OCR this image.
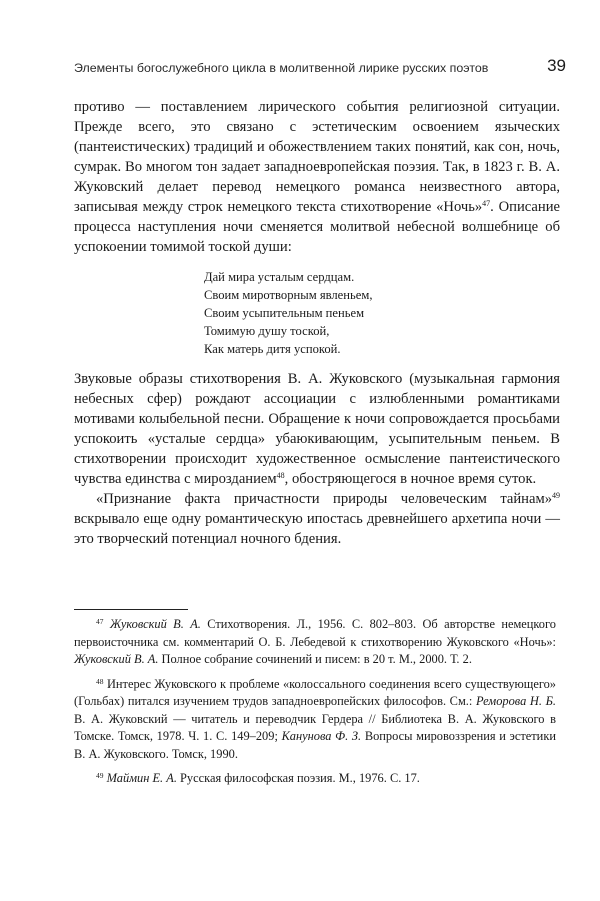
Элементы богослужебного цикла в молитвенной лирике русских поэтов	39

противо — поставлением лирического события религиозной ситуации. Прежде всего, это связано с эстетическим освоением языческих (пантеистических) традиций и обожествлением таких понятий, как сон, ночь, сумрак. Во многом тон задает западноевропейская поэзия. Так, в 1823 г. В. А. Жуковский делает перевод немецкого романса неизвестного автора, записывая между строк немецкого текста стихотворение «Ночь»$^{47}$. Описание процесса наступления ночи сменяется молитвой небесной волшебнице об успокоении томимой тоской души:

Дай мира усталым сердцам.
Своим миротворным явленьем,
Своим усыпительным пеньем
Томимую душу тоской,
Как матерь дитя успокой.

Звуковые образы стихотворения В. А. Жуковского (музыкальная гармония небесных сфер) рождают ассоциации с излюбленными романтиками мотивами колыбельной песни. Обращение к ночи сопровождается просьбами успокоить «усталые сердца» убаюкивающим, усыпительным пеньем. В стихотворении происходит художественное осмысление пантеистического чувства единства с мирозданием$^{48}$, обостряющегося в ночное время суток.

«Признание факта причастности природы человеческим тайнам»$^{49}$ вскрывало еще одну романтическую ипостась древнейшего архетипа ночи — это творческий потенциал ночного бдения.

$^{47}$ Жуковский В. А. Стихотворения. Л., 1956. С. 802–803. Об авторстве немецкого первоисточника см. комментарий О. Б. Лебедевой к стихотворению Жуковского «Ночь»: Жуковский В. А. Полное собрание сочинений и писем: в 20 т. М., 2000. Т. 2.

$^{48}$ Интерес Жуковского к проблеме «колоссального соединения всего существующего» (Гольбах) питался изучением трудов западноевропейских философов. См.: Реморова Н. Б. В. А. Жуковский — читатель и переводчик Гердера // Библиотека В. А. Жуковского в Томске. Томск, 1978. Ч. 1. С. 149–209; Канунова Ф. З. Вопросы мировоззрения и эстетики В. А. Жуковского. Томск, 1990.

$^{49}$ Маймин Е. А. Русская философская поэзия. М., 1976. С. 17.
